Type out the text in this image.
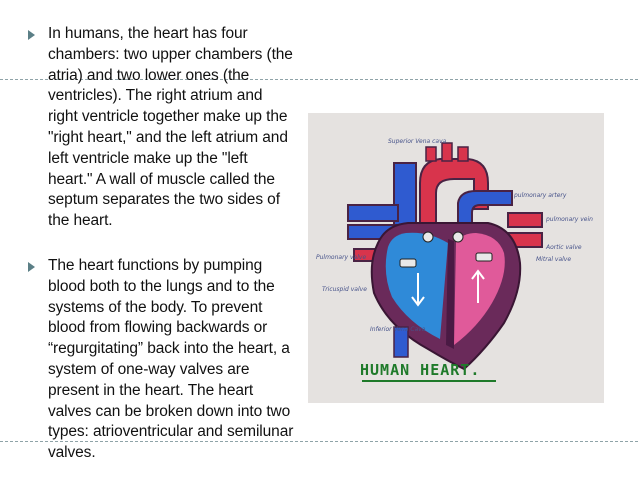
In humans, the heart has four chambers: two upper chambers (the atria) and two lower ones (the ventricles). The right atrium and right ventricle together make up the "right heart," and the left atrium and left ventricle make up the "left heart." A wall of muscle called the septum separates the two sides of the heart.
The heart functions by pumping blood both to the lungs and to the systems of the body. To prevent blood from flowing backwards or “regurgitating” back into the heart, a system of one-way valves are present in the heart. The heart valves can be broken down into two types: atrioventricular and semilunar valves.
Superior Vena cava
pulmonary artery
pulmonary vein
Aortic valve
Mitral valve
Pulmonary valve
Tricuspid valve
Inferior Vena Cava
HUMAN HEART.
